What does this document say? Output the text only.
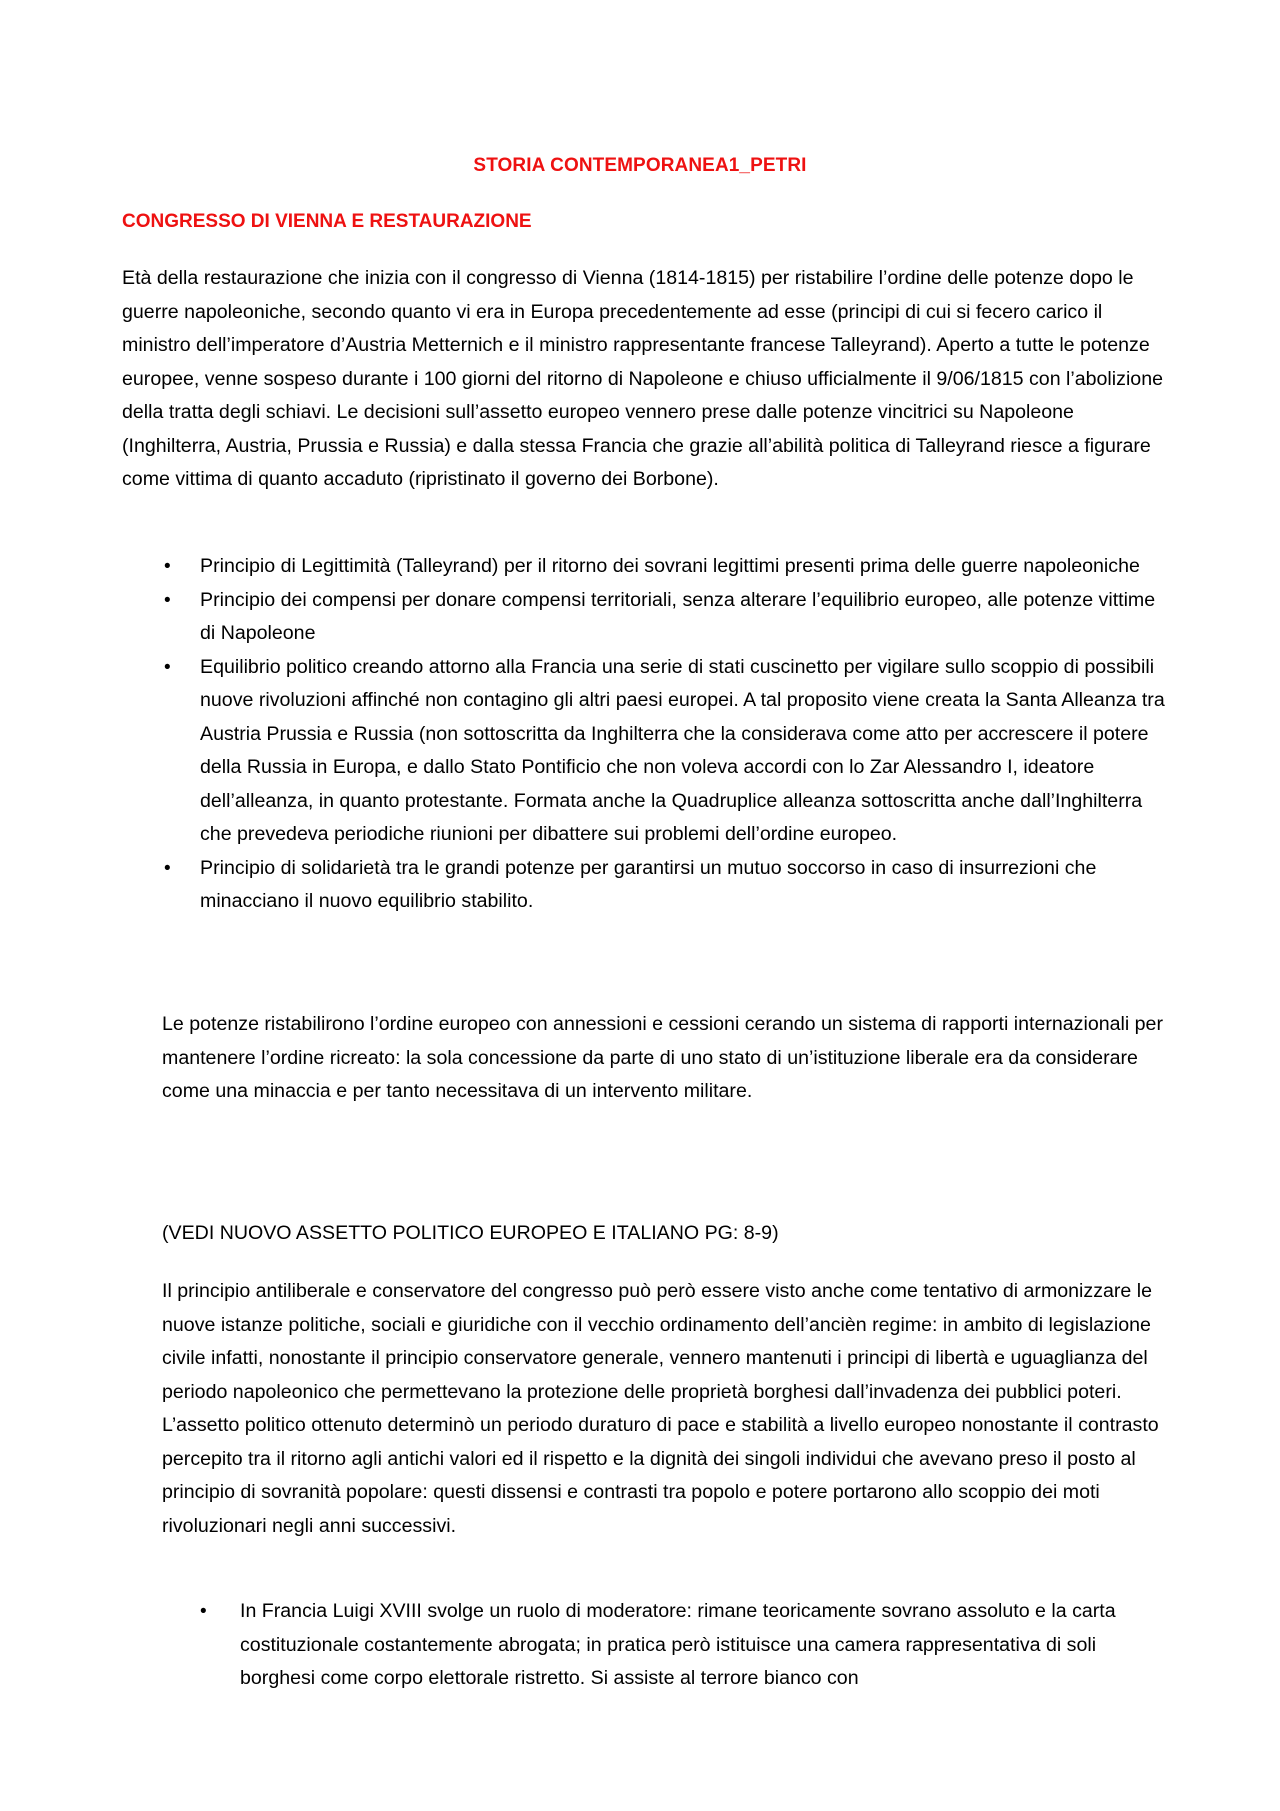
STORIA CONTEMPORANEA1_PETRI
CONGRESSO DI VIENNA E RESTAURAZIONE

Età della restaurazione che inizia con il congresso di Vienna (1814-1815) per ristabilire l’ordine delle potenze dopo le guerre napoleoniche, secondo quanto vi era in Europa precedentemente ad esse (principi di cui si fecero carico il ministro dell’imperatore d’Austria Metternich e il ministro rappresentante francese Talleyrand). Aperto a tutte le potenze europee, venne sospeso durante i 100 giorni del ritorno di Napoleone e chiuso ufficialmente il 9/06/1815 con l’abolizione della tratta degli schiavi. Le decisioni sull’assetto europeo vennero prese dalle potenze vincitrici su Napoleone (Inghilterra, Austria, Prussia e Russia) e dalla stessa Francia che grazie all’abilità politica di Talleyrand riesce a figurare come vittima di quanto accaduto (ripristinato il governo dei Borbone).

• Principio di Legittimità (Talleyrand) per il ritorno dei sovrani legittimi presenti prima delle guerre napoleoniche
• Principio dei compensi per donare compensi territoriali, senza alterare l’equilibrio europeo, alle potenze vittime di Napoleone
• Equilibrio politico creando attorno alla Francia una serie di stati cuscinetto per vigilare sullo scoppio di possibili nuove rivoluzioni affinché non contagino gli altri paesi europei. A tal proposito viene creata la Santa Alleanza tra Austria Prussia e Russia (non sottoscritta da Inghilterra che la considerava come atto per accrescere il potere della Russia in Europa, e dallo Stato Pontificio che non voleva accordi con lo Zar Alessandro I, ideatore dell’alleanza, in quanto protestante. Formata anche la Quadruplice alleanza sottoscritta anche dall’Inghilterra che prevedeva periodiche riunioni per dibattere sui problemi dell’ordine europeo.
• Principio di solidarietà tra le grandi potenze per garantirsi un mutuo soccorso in caso di insurrezioni che minacciano il nuovo equilibrio stabilito.

Le potenze ristabilirono l’ordine europeo con annessioni e cessioni cerando un sistema di rapporti internazionali per mantenere l’ordine ricreato: la sola concessione da parte di uno stato di un’istituzione liberale era da considerare come una minaccia e per tanto necessitava di un intervento militare.

(VEDI NUOVO ASSETTO POLITICO EUROPEO E ITALIANO PG: 8-9)

Il principio antiliberale e conservatore del congresso può però essere visto anche come tentativo di armonizzare le nuove istanze politiche, sociali e giuridiche con il vecchio ordinamento dell’ancièn regime: in ambito di legislazione civile infatti, nonostante il principio conservatore generale, vennero mantenuti i principi di libertà e uguaglianza del periodo napoleonico che permettevano la protezione delle proprietà borghesi dall’invadenza dei pubblici poteri. L’assetto politico ottenuto determinò un periodo duraturo di pace e stabilità a livello europeo nonostante il contrasto percepito tra il ritorno agli antichi valori ed il rispetto e la dignità dei singoli individui che avevano preso il posto al principio di sovranità popolare: questi dissensi e contrasti tra popolo e potere portarono allo scoppio dei moti rivoluzionari negli anni successivi.

• In Francia Luigi XVIII svolge un ruolo di moderatore: rimane teoricamente sovrano assoluto e la carta costituzionale costantemente abrogata; in pratica però istituisce una camera rappresentativa di soli borghesi come corpo elettorale ristretto. Si assiste al terrore bianco con
